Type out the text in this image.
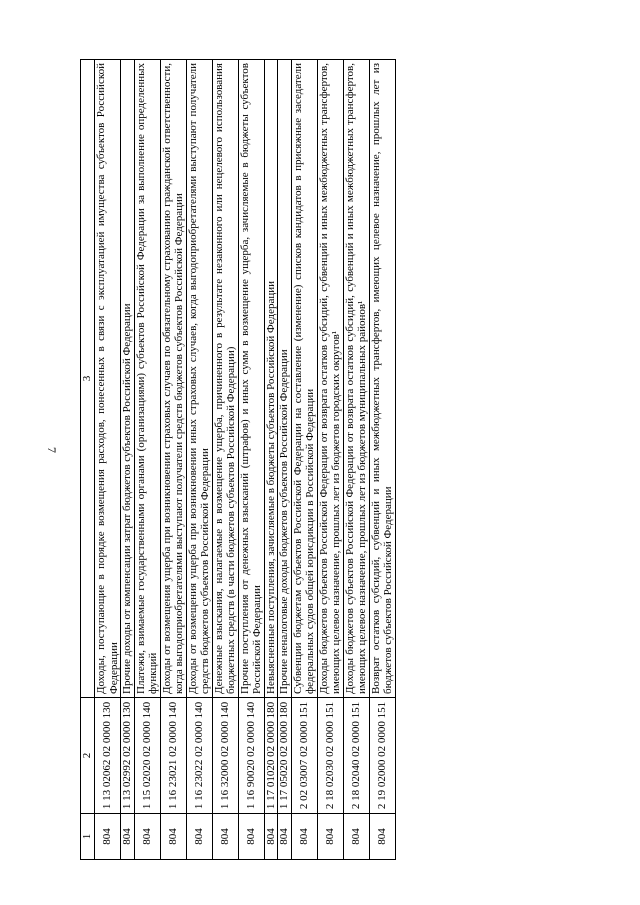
7
1	2	3
804	1 13 02062 02 0000 130	Доходы, поступающие в порядке возмещения расходов, понесенных в связи с эксплуатацией имущества субъектов Российской Федерации
804	1 13 02992 02 0000 130	Прочие доходы от компенсации затрат бюджетов субъектов Российской Федерации
804	1 15 02020 02 0000 140	Платежи, взимаемые государственными органами (организациями) субъектов Российской Федерации за выполнение определенных функций
804	1 16 23021 02 0000 140	Доходы от возмещения ущерба при возникновении страховых случаев по обязательному страхованию гражданской ответственности, когда выгодоприобретателями выступают получатели средств бюджетов субъектов Российской Федерации
804	1 16 23022 02 0000 140	Доходы от возмещения ущерба при возникновении иных страховых случаев, когда выгодоприобретателями выступают получатели средств бюджетов субъектов Российской Федерации
804	1 16 32000 02 0000 140	Денежные взыскания, налагаемые в возмещение ущерба, причиненного в результате незаконного или нецелевого использования бюджетных средств (в части бюджетов субъектов Российской Федерации)
804	1 16 90020 02 0000 140	Прочие поступления от денежных взысканий (штрафов) и иных сумм в возмещение ущерба, зачисляемые в бюджеты субъектов Российской Федерации
804	1 17 01020 02 0000 180	Невыясненные поступления, зачисляемые в бюджеты субъектов Российской Федерации
804	1 17 05020 02 0000 180	Прочие неналоговые доходы бюджетов субъектов Российской Федерации
804	2 02 03007 02 0000 151	Субвенции бюджетам субъектов Российской Федерации на составление (изменение) списков кандидатов в присяжные заседатели федеральных судов общей юрисдикции в Российской Федерации
804	2 18 02030 02 0000 151	Доходы бюджетов субъектов Российской Федерации от возврата остатков субсидий, субвенций и иных межбюджетных трансфертов, имеющих целевое назначение, прошлых лет из бюджетов городских округов¹
804	2 18 02040 02 0000 151	Доходы бюджетов субъектов Российской Федерации от возврата остатков субсидий, субвенций и иных межбюджетных трансфертов, имеющих целевое назначение, прошлых лет из бюджетов муниципальных районов¹
804	2 19 02000 02 0000 151	Возврат остатков субсидий, субвенций и иных межбюджетных трансфертов, имеющих целевое назначение, прошлых лет из бюджетов субъектов Российской Федерации
